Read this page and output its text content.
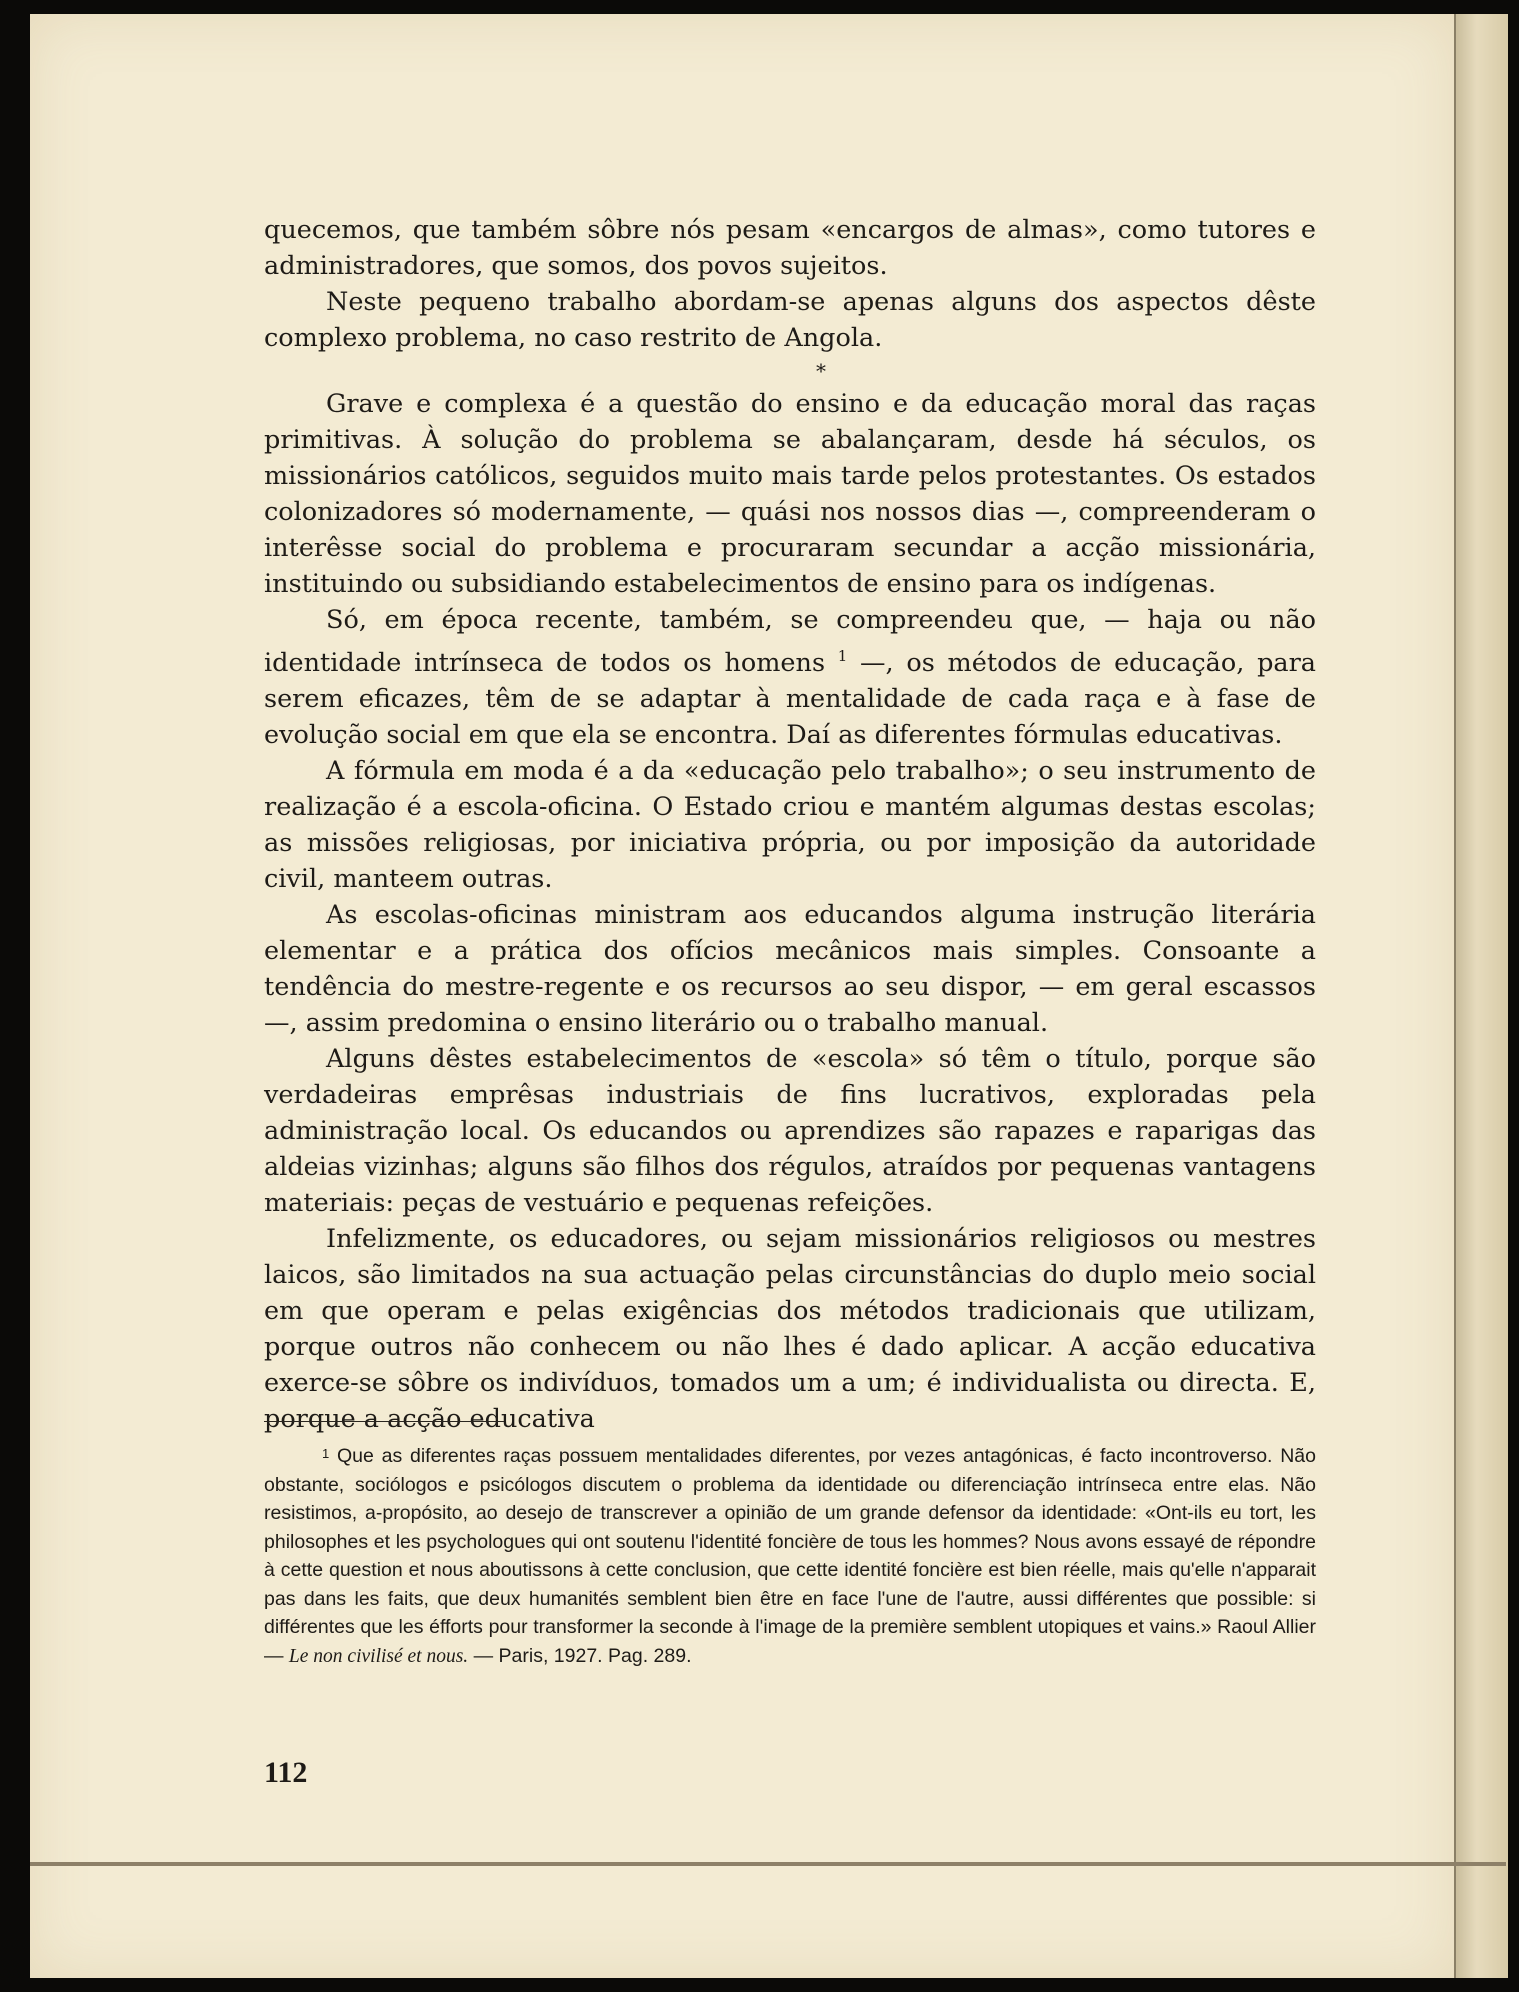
quecemos, que também sôbre nós pesam «encargos de almas», como tutores e administradores, que somos, dos povos sujeitos.

Neste pequeno trabalho abordam-se apenas alguns dos aspectos dêste complexo problema, no caso restrito de Angola.

*

Grave e complexa é a questão do ensino e da educação moral das raças primitivas. À solução do problema se abalançaram, desde há séculos, os missionários católicos, seguidos muito mais tarde pelos protestantes. Os estados colonizadores só modernamente, — quási nos nossos dias —, compreenderam o interêsse social do problema e procuraram secundar a acção missionária, instituindo ou subsidiando estabelecimentos de ensino para os indígenas.

Só, em época recente, também, se compreendeu que, — haja ou não identidade intrínseca de todos os homens $^1$ —, os métodos de educação, para serem eficazes, têm de se adaptar à mentalidade de cada raça e à fase de evolução social em que ela se encontra. Daí as diferentes fórmulas educativas.

A fórmula em moda é a da «educação pelo trabalho»; o seu instrumento de realização é a escola-oficina. O Estado criou e mantém algumas destas escolas; as missões religiosas, por iniciativa própria, ou por imposição da autoridade civil, manteem outras.

As escolas-oficinas ministram aos educandos alguma instrução literária elementar e a prática dos ofícios mecânicos mais simples. Consoante a tendência do mestre-regente e os recursos ao seu dispor, — em geral escassos —, assim predomina o ensino literário ou o trabalho manual.

Alguns dêstes estabelecimentos de «escola» só têm o título, porque são verdadeiras emprêsas industriais de fins lucrativos, exploradas pela administração local. Os educandos ou aprendizes são rapazes e raparigas das aldeias vizinhas; alguns são filhos dos régulos, atraídos por pequenas vantagens materiais: peças de vestuário e pequenas refeições.

Infelizmente, os educadores, ou sejam missionários religiosos ou mestres laicos, são limitados na sua actuação pelas circunstâncias do duplo meio social em que operam e pelas exigências dos métodos tradicionais que utilizam, porque outros não conhecem ou não lhes é dado aplicar. A acção educativa exerce-se sôbre os indivíduos, tomados um a um; é individualista ou directa. E, porque a acção educativa

$^1$ Que as diferentes raças possuem mentalidades diferentes, por vezes antagónicas, é facto incontroverso. Não obstante, sociólogos e psicólogos discutem o problema da identidade ou diferenciação intrínseca entre elas. Não resistimos, a-propósito, ao desejo de transcrever a opinião de um grande defensor da identidade: «Ont-ils eu tort, les philosophes et les psychologues qui ont soutenu l'identité foncière de tous les hommes? Nous avons essayé de répondre à cette question et nous aboutissons à cette conclusion, que cette identité foncière est bien réelle, mais qu'elle n'apparait pas dans les faits, que deux humanités semblent bien être en face l'une de l'autre, aussi différentes que possible: si différentes que les éfforts pour transformer la seconde à l'image de la première semblent utopiques et vains.» Raoul Allier — Le non civilisé et nous. — Paris, 1927. Pag. 289.

112
